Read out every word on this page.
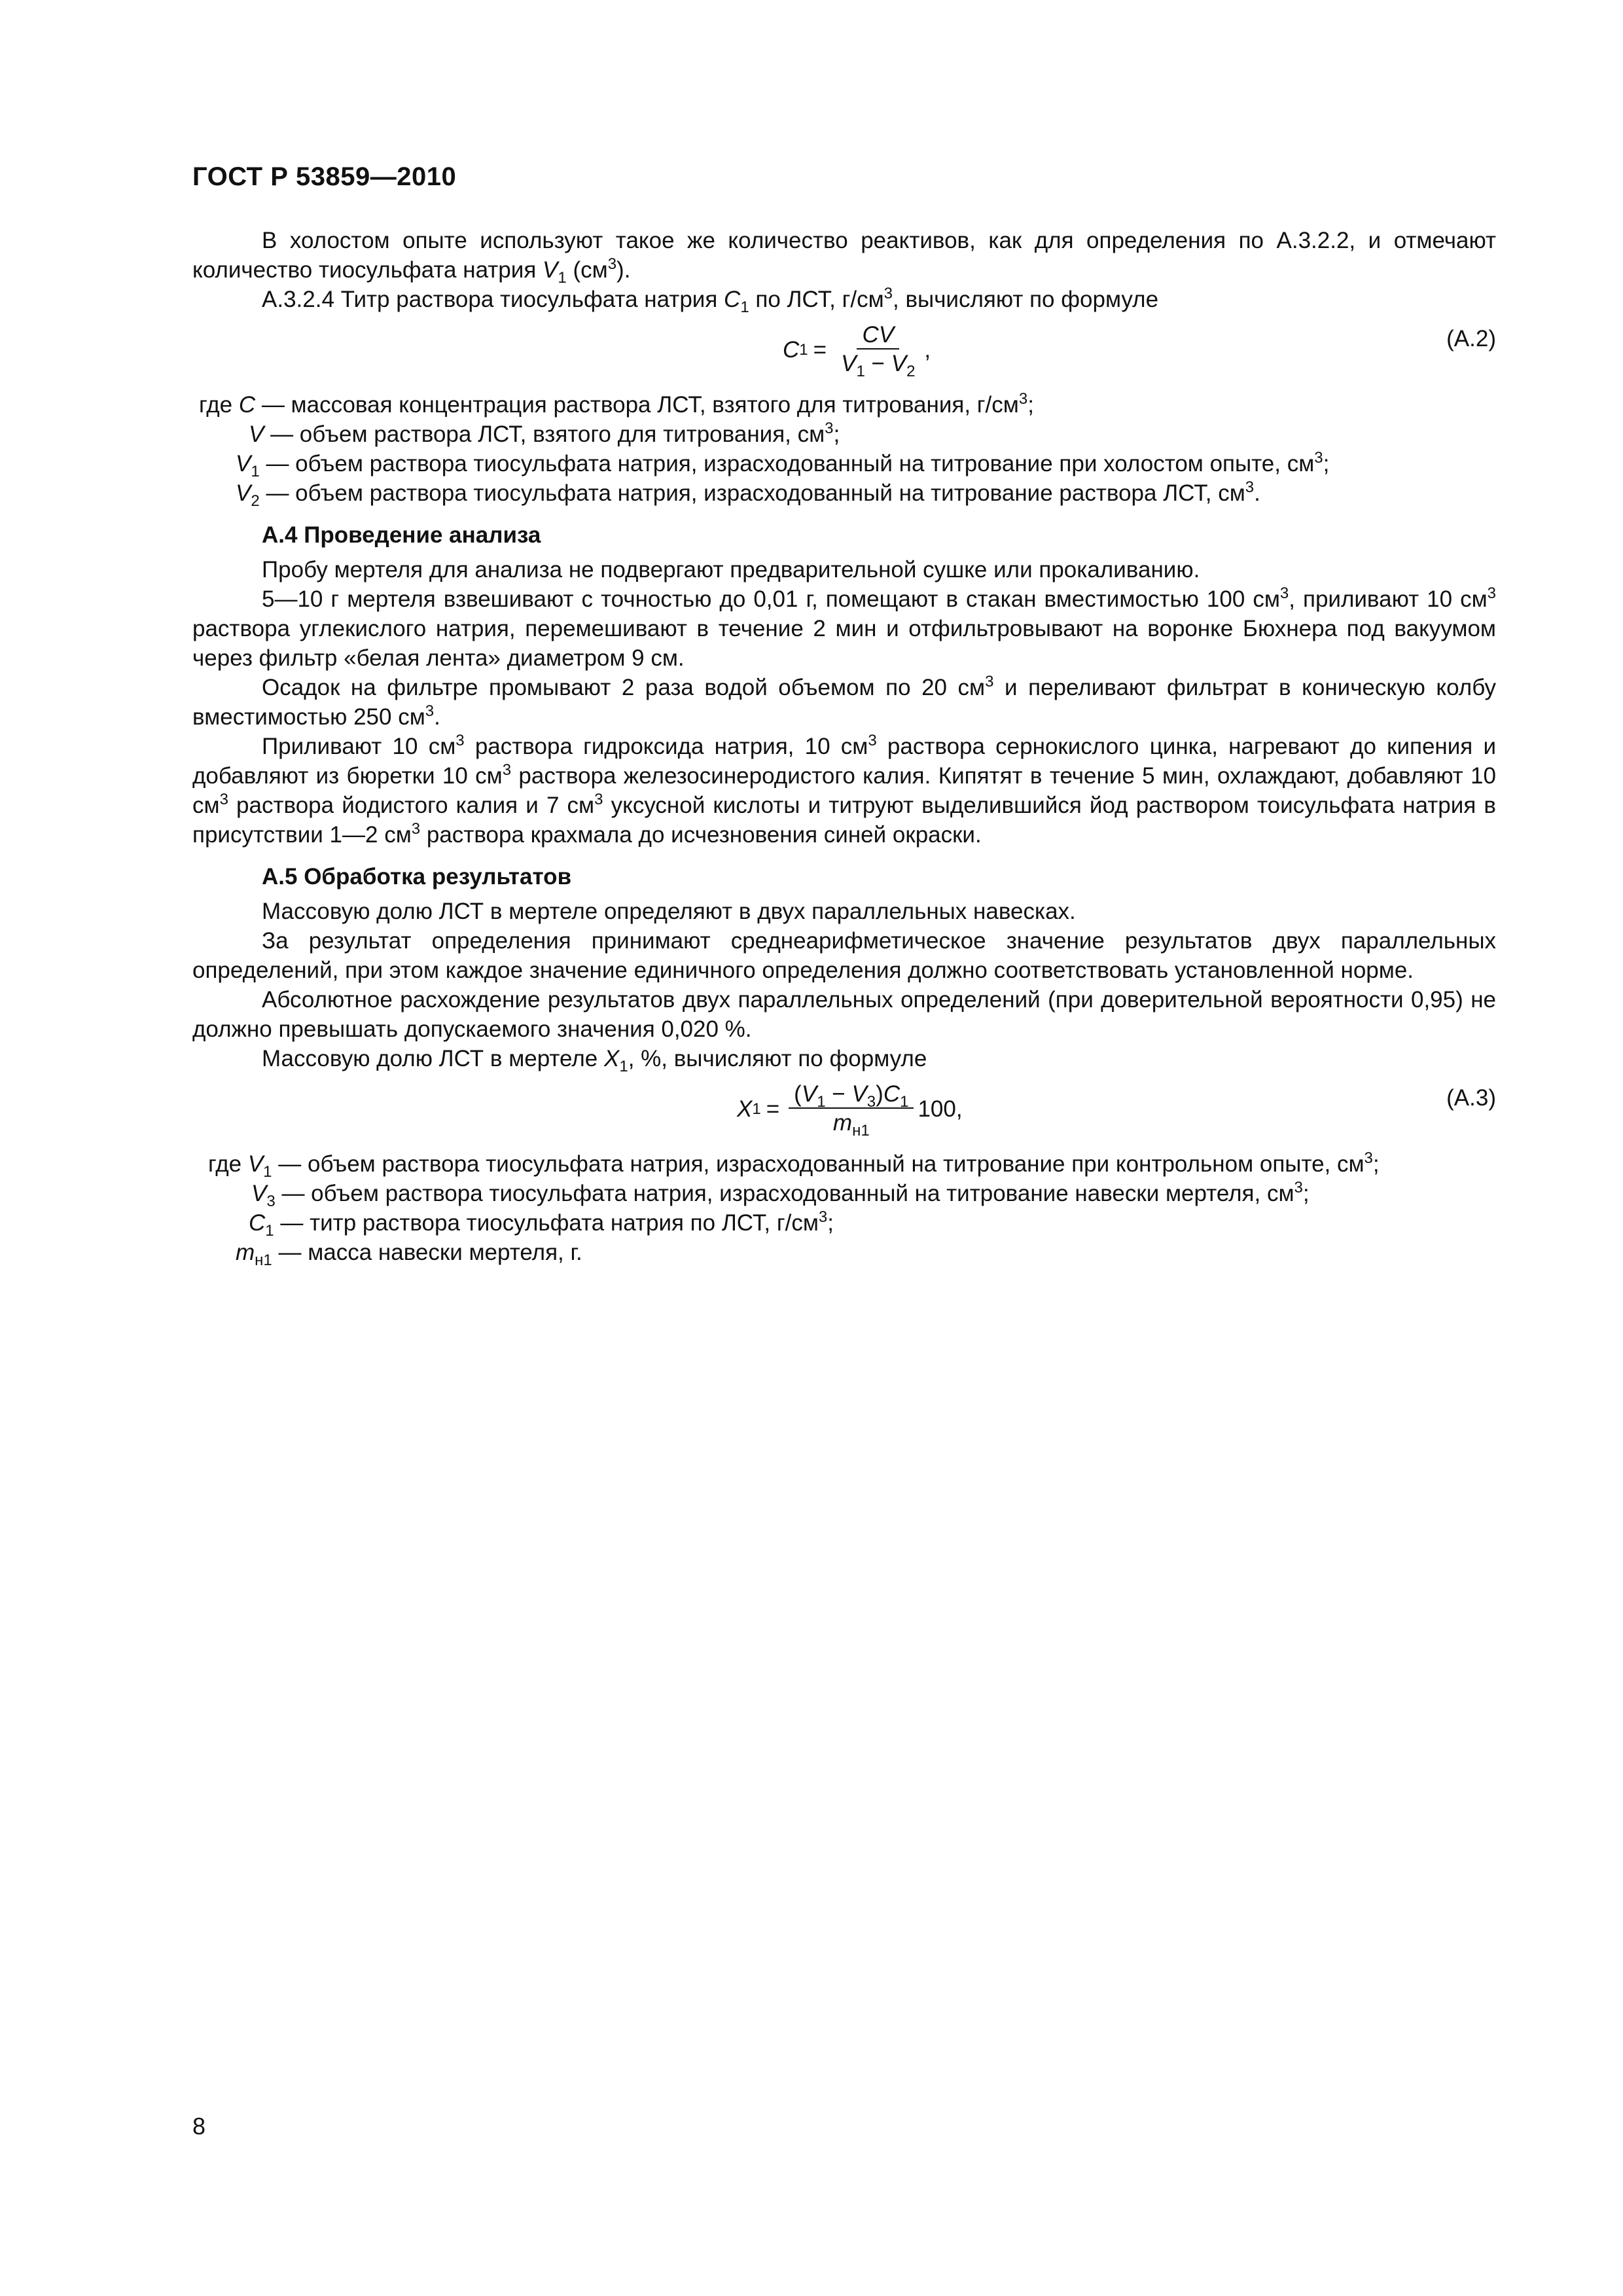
ГОСТ Р 53859—2010

В холостом опыте используют такое же количество реактивов, как для определения по А.3.2.2, и отмечают количество тиосульфата натрия $V_1$ $(см^3)$.

А.3.2.4 Титр раствора тиосульфата натрия $C_1$ по ЛСТ, $г/см^3$, вычисляют по формуле

C $1 = \frac{CV}{V_1 - V_2}$ ,	(А.2)
где C — массовая концентрация раствора ЛСТ, взятого для титрования, $г/см^3$;
V — объем раствора ЛСТ, взятого для титрования, $см^3$;
$V_1$ — объем раствора тиосульфата натрия, израсходованный на титрование при холостом опыте, $см^3$;
$V_2$ — объем раствора тиосульфата натрия, израсходованный на титрование раствора ЛСТ, $см^3$.
А.4 Проведение анализа

Пробу мертеля для анализа не подвергают предварительной сушке или прокаливанию.

5—10 г мертеля взвешивают с точностью до 0,01 г, помещают в стакан вместимостью 100 $см^3$, приливают 10 $см^3$ раствора углекислого натрия, перемешивают в течение 2 мин и отфильтровывают на воронке Бюхнера под вакуумом через фильтр «белая лента» диаметром 9 см.

Осадок на фильтре промывают 2 раза водой объемом по 20 $см^3$ и переливают фильтрат в коническую колбу вместимостью 250 $см^3$.

Приливают 10 $см^3$ раствора гидроксида натрия, 10 $см^3$ раствора сернокислого цинка, нагревают до кипения и добавляют из бюретки 10 $см^3$ раствора железосинеродистого калия. Кипятят в течение 5 мин, охлаждают, добавляют 10 $см^3$ раствора йодистого калия и 7 $см^3$ уксусной кислоты и титруют выделившийся йод раствором тоисульфата натрия в присутствии 1—2 $см^3$ раствора крахмала до исчезновения синей окраски.

А.5 Обработка результатов

Массовую долю ЛСТ в мертеле определяют в двух параллельных навесках.

За результат определения принимают среднеарифметическое значение результатов двух параллельных определений, при этом каждое значение единичного определения должно соответствовать установленной норме.

Абсолютное расхождение результатов двух параллельных определений (при доверительной вероятности 0,95) не должно превышать допускаемого значения 0,020 %.

Массовую долю ЛСТ в мертеле $X_1$, %, вычисляют по формуле

X $1 = \frac{(V_1 - V_3)C_1}{m_{н1}} 100$,	(А.3)
где $V_1$ — объем раствора тиосульфата натрия, израсходованный на титрование при контрольном опыте, $см^3$;
$V_3$ — объем раствора тиосульфата натрия, израсходованный на титрование навески мертеля, $см^3$;
$C_1$ — титр раствора тиосульфата натрия по ЛСТ, $г/см^3$;
$m_{н1}$ — масса навески мертеля, г.
8
